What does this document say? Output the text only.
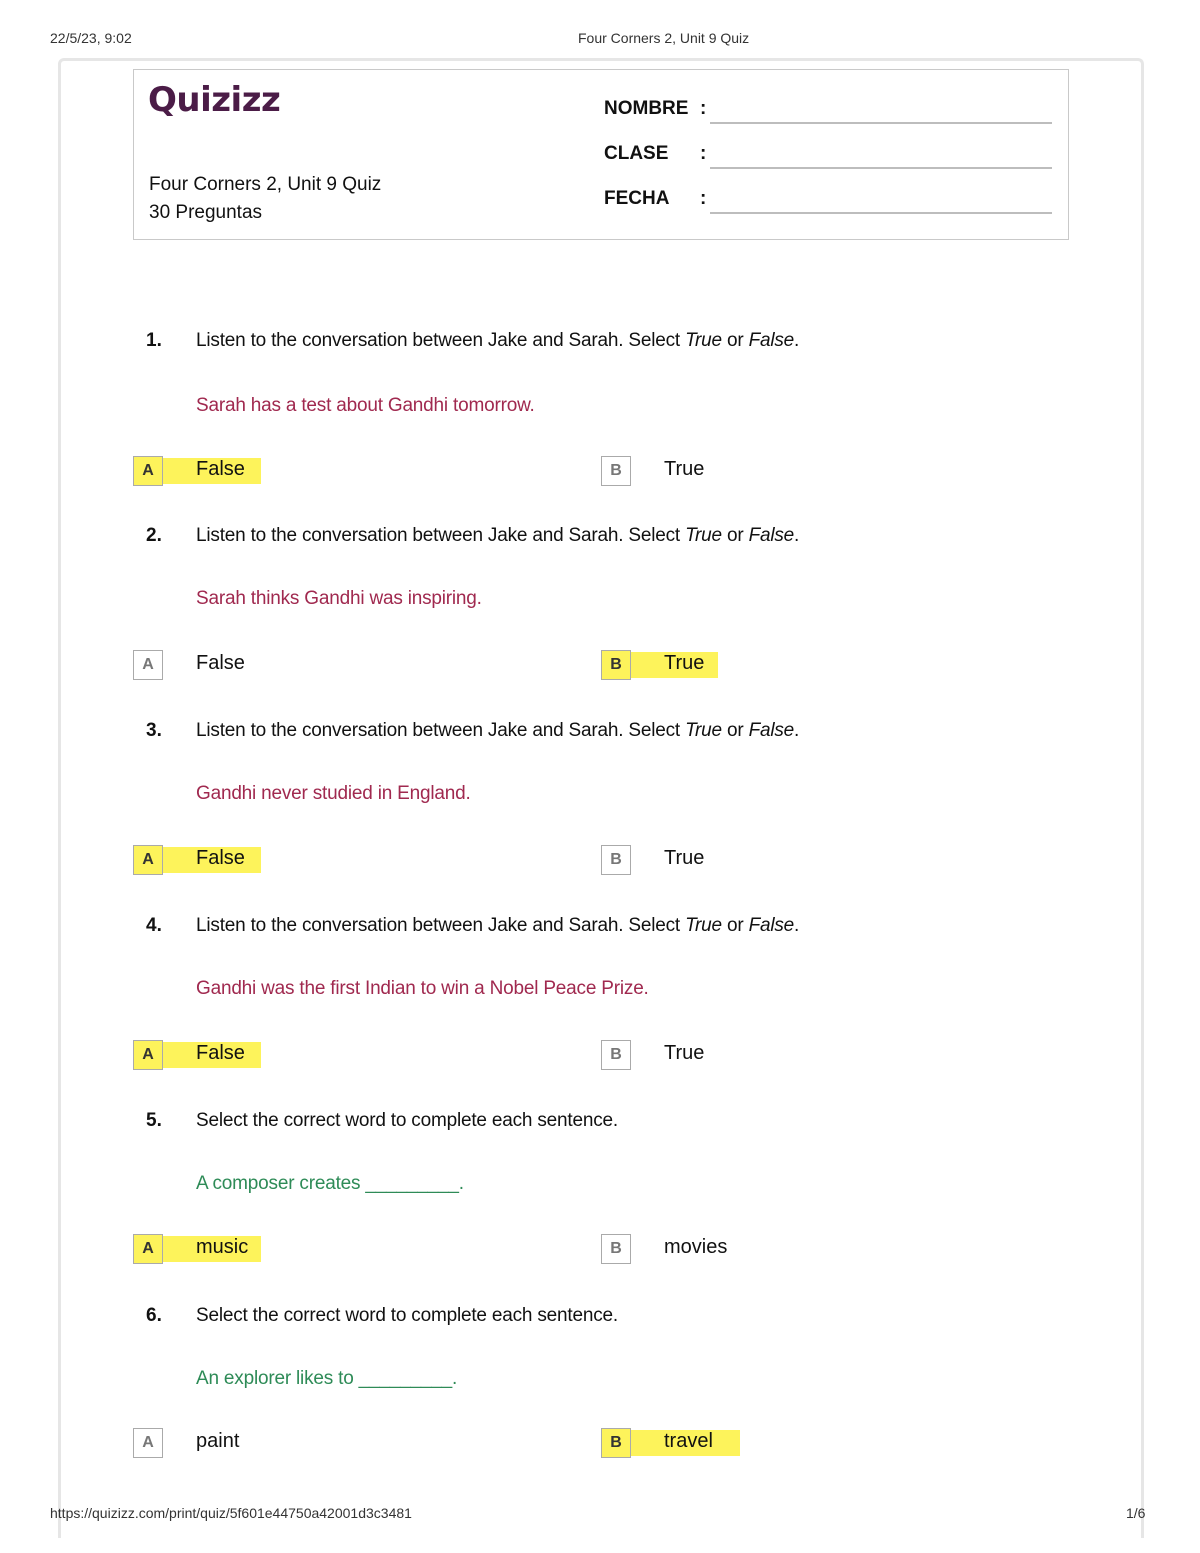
22/5/23, 9:02	Four Corners 2, Unit 9 Quiz
Quizizz
Four Corners 2, Unit 9 Quiz
30 Preguntas
NOMBRE :
CLASE :
FECHA :
1. Listen to the conversation between Jake and Sarah. Select True or False.
Sarah has a test about Gandhi tomorrow.
A	False	B	True
2. Listen to the conversation between Jake and Sarah. Select True or False.
Sarah thinks Gandhi was inspiring.
A	False	B	True
3. Listen to the conversation between Jake and Sarah. Select True or False.
Gandhi never studied in England.
A	False	B	True
4. Listen to the conversation between Jake and Sarah. Select True or False.
Gandhi was the first Indian to win a Nobel Peace Prize.
A	False	B	True
5. Select the correct word to complete each sentence.
A composer creates _________.
A	music	B	movies
6. Select the correct word to complete each sentence.
An explorer likes to _________.
A	paint	B	travel
https://quizizz.com/print/quiz/5f601e44750a42001d3c3481	1/6
